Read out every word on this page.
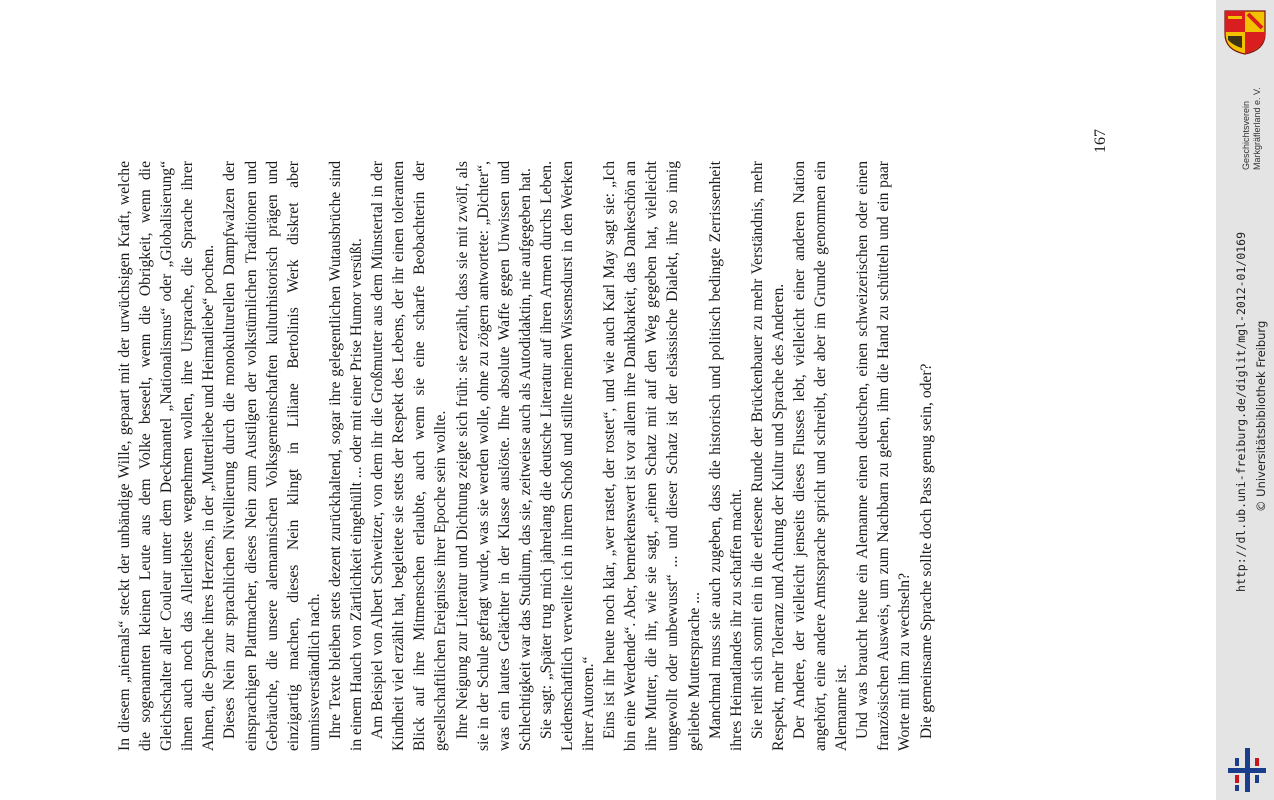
In diesem „niemals“ steckt der unbändige Wille, gepaart mit der urwüchsigen Kraft, welche die sogenannten kleinen Leute aus dem Volke beseelt, wenn die Obrigkeit, wenn die Gleichschalter aller Couleur unter dem Deckmantel „Nationalismus“ oder „Globalisierung“ ihnen auch noch das Allerliebste wegnehmen wollen, ihre Ursprache, die Sprache ihrer Ahnen, die Sprache ihres Herzens, in der „Mutterliebe und Heimatliebe“ pochen. Dieses Nein zur sprachlichen Nivellierung durch die monokulturellen Dampfwalzen der einsprachigen Plattmacher, dieses Nein zum Austilgen der volkstümlichen Traditionen und Gebräuche, die unsere alemannischen Volksgemeinschaften kulturhistorisch prägen und einzigartig machen, dieses Nein klingt in Liliane Bertolinis Werk diskret aber unmissverständlich nach. Ihre Texte bleiben stets dezent zurückhaltend, sogar ihre gelegentlichen Wutausbrüche sind in einem Hauch von Zärtlichkeit eingehüllt ... oder mit einer Prise Humor versüßt. Am Beispiel von Albert Schweitzer, von dem ihr die Großmutter aus dem Münstertal in der Kindheit viel erzählt hat, begleitete sie stets der Respekt des Lebens, der ihr einen toleranten Blick auf ihre Mitmenschen erlaubte, auch wenn sie eine scharfe Beobachterin der gesellschaftlichen Ereignisse ihrer Epoche sein wollte. Ihre Neigung zur Literatur und Dichtung zeigte sich früh: sie erzählt, dass sie mit zwölf, als sie in der Schule gefragt wurde, was sie werden wolle, ohne zu zögern antwortete: „Dichter“, was ein lautes Gelächter in der Klasse auslöste. Ihre absolute Waffe gegen Unwissen und Schlechtigkeit war das Studium, das sie, zeitweise auch als Autodidaktin, nie aufgegeben hat. Sie sagt: „Später trug mich jahrelang die deutsche Literatur auf ihren Armen durchs Leben. Leidenschaftlich verweilte ich in ihrem Schoß und stillte meinen Wissensdurst in den Werken ihrer Autoren.“ Eins ist ihr heute noch klar, „wer rastet, der rostet“, und wie auch Karl May sagt sie: „Ich bin eine Werdende“. Aber, bemerkenswert ist vor allem ihre Dankbarkeit, das Dankeschön an ihre Mutter, die ihr, wie sie sagt, „einen Schatz mit auf den Weg gegeben hat, vielleicht ungewollt oder unbewusst“ ... und dieser Schatz ist der elsässische Dialekt, ihre so innig geliebte Muttersprache ... Manchmal muss sie auch zugeben, dass die historisch und politisch bedingte Zerrissenheit ihres Heimatlandes ihr zu schaffen macht. Sie reiht sich somit ein in die erlesene Runde der Brückenbauer zu mehr Verständnis, mehr Respekt, mehr Toleranz und Achtung der Kultur und Sprache des Anderen. Der Andere, der vielleicht jenseits dieses Flusses lebt, vielleicht einer anderen Nation angehört, eine andere Amtssprache spricht und schreibt, der aber im Grunde genommen ein Alemanne ist. Und was braucht heute ein Alemanne einen deutschen, einen schweizerischen oder einen französischen Ausweis, um zum Nachbarn zu gehen, ihm die Hand zu schütteln und ein paar Worte mit ihm zu wechseln? Die gemeinsame Sprache sollte doch Pass genug sein, oder?

167	Geschichtsverein Markgräflerland e. V.
http://dl.ub.uni-freiburg.de/diglit/mgl-2012-01/0169 © Universitätsbibliothek Freiburg
